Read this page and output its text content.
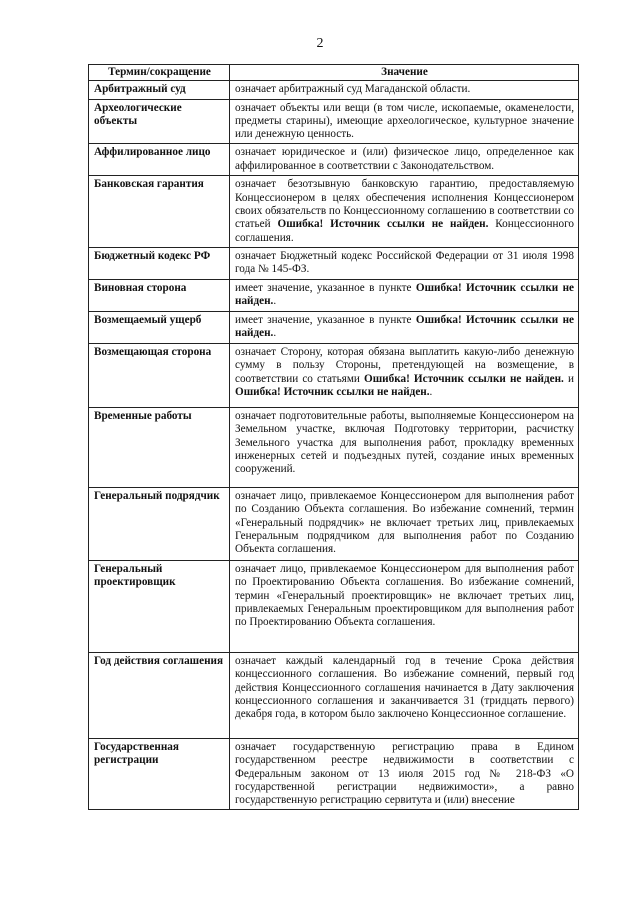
2
Термин/сокращение	Значение
Арбитражный суд	означает арбитражный суд Магаданской области.
Археологические объекты	означает объекты или вещи (в том числе, ископаемые, окаменелости, предметы старины), имеющие археологическое, культурное значение или денежную ценность.
Аффилированное лицо	означает юридическое и (или) физическое лицо, определенное как аффилированное в соответствии с Законодательством.
Банковская гарантия	означает безотзывную банковскую гарантию, предоставляемую Концессионером в целях обеспечения исполнения Концессионером своих обязательств по Концессионному соглашению в соответствии со статьей Ошибка! Источник ссылки не найден. Концессионного соглашения.
Бюджетный кодекс РФ	означает Бюджетный кодекс Российской Федерации от 31 июля 1998 года № 145-ФЗ.
Виновная сторона	имеет значение, указанное в пункте Ошибка! Источник ссылки не найден..
Возмещаемый ущерб	имеет значение, указанное в пункте Ошибка! Источник ссылки не найден..
Возмещающая сторона	означает Сторону, которая обязана выплатить какую-либо денежную сумму в пользу Стороны, претендующей на возмещение, в соответствии со статьями Ошибка! Источник ссылки не найден. и Ошибка! Источник ссылки не найден..
Временные работы	означает подготовительные работы, выполняемые Концессионером на Земельном участке, включая Подготовку территории, расчистку Земельного участка для выполнения работ, прокладку временных инженерных сетей и подъездных путей, создание иных временных сооружений.
Генеральный подрядчик	означает лицо, привлекаемое Концессионером для выполнения работ по Созданию Объекта соглашения. Во избежание сомнений, термин «Генеральный подрядчик» не включает третьих лиц, привлекаемых Генеральным подрядчиком для выполнения работ по Созданию Объекта соглашения.
Генеральный проектировщик	означает лицо, привлекаемое Концессионером для выполнения работ по Проектированию Объекта соглашения. Во избежание сомнений, термин «Генеральный проектировщик» не включает третьих лиц, привлекаемых Генеральным проектировщиком для выполнения работ по Проектированию Объекта соглашения.
Год действия соглашения	означает каждый календарный год в течение Срока действия концессионного соглашения. Во избежание сомнений, первый год действия Концессионного соглашения начинается в Дату заключения концессионного соглашения и заканчивается 31 (тридцать первого) декабря года, в котором было заключено Концессионное соглашение.
Государственная регистрации	означает государственную регистрацию права в Едином государственном реестре недвижимости в соответствии с Федеральным законом от 13 июля 2015 год № 218-ФЗ «О государственной регистрации недвижимости», а равно государственную регистрацию сервитута и (или) внесение
